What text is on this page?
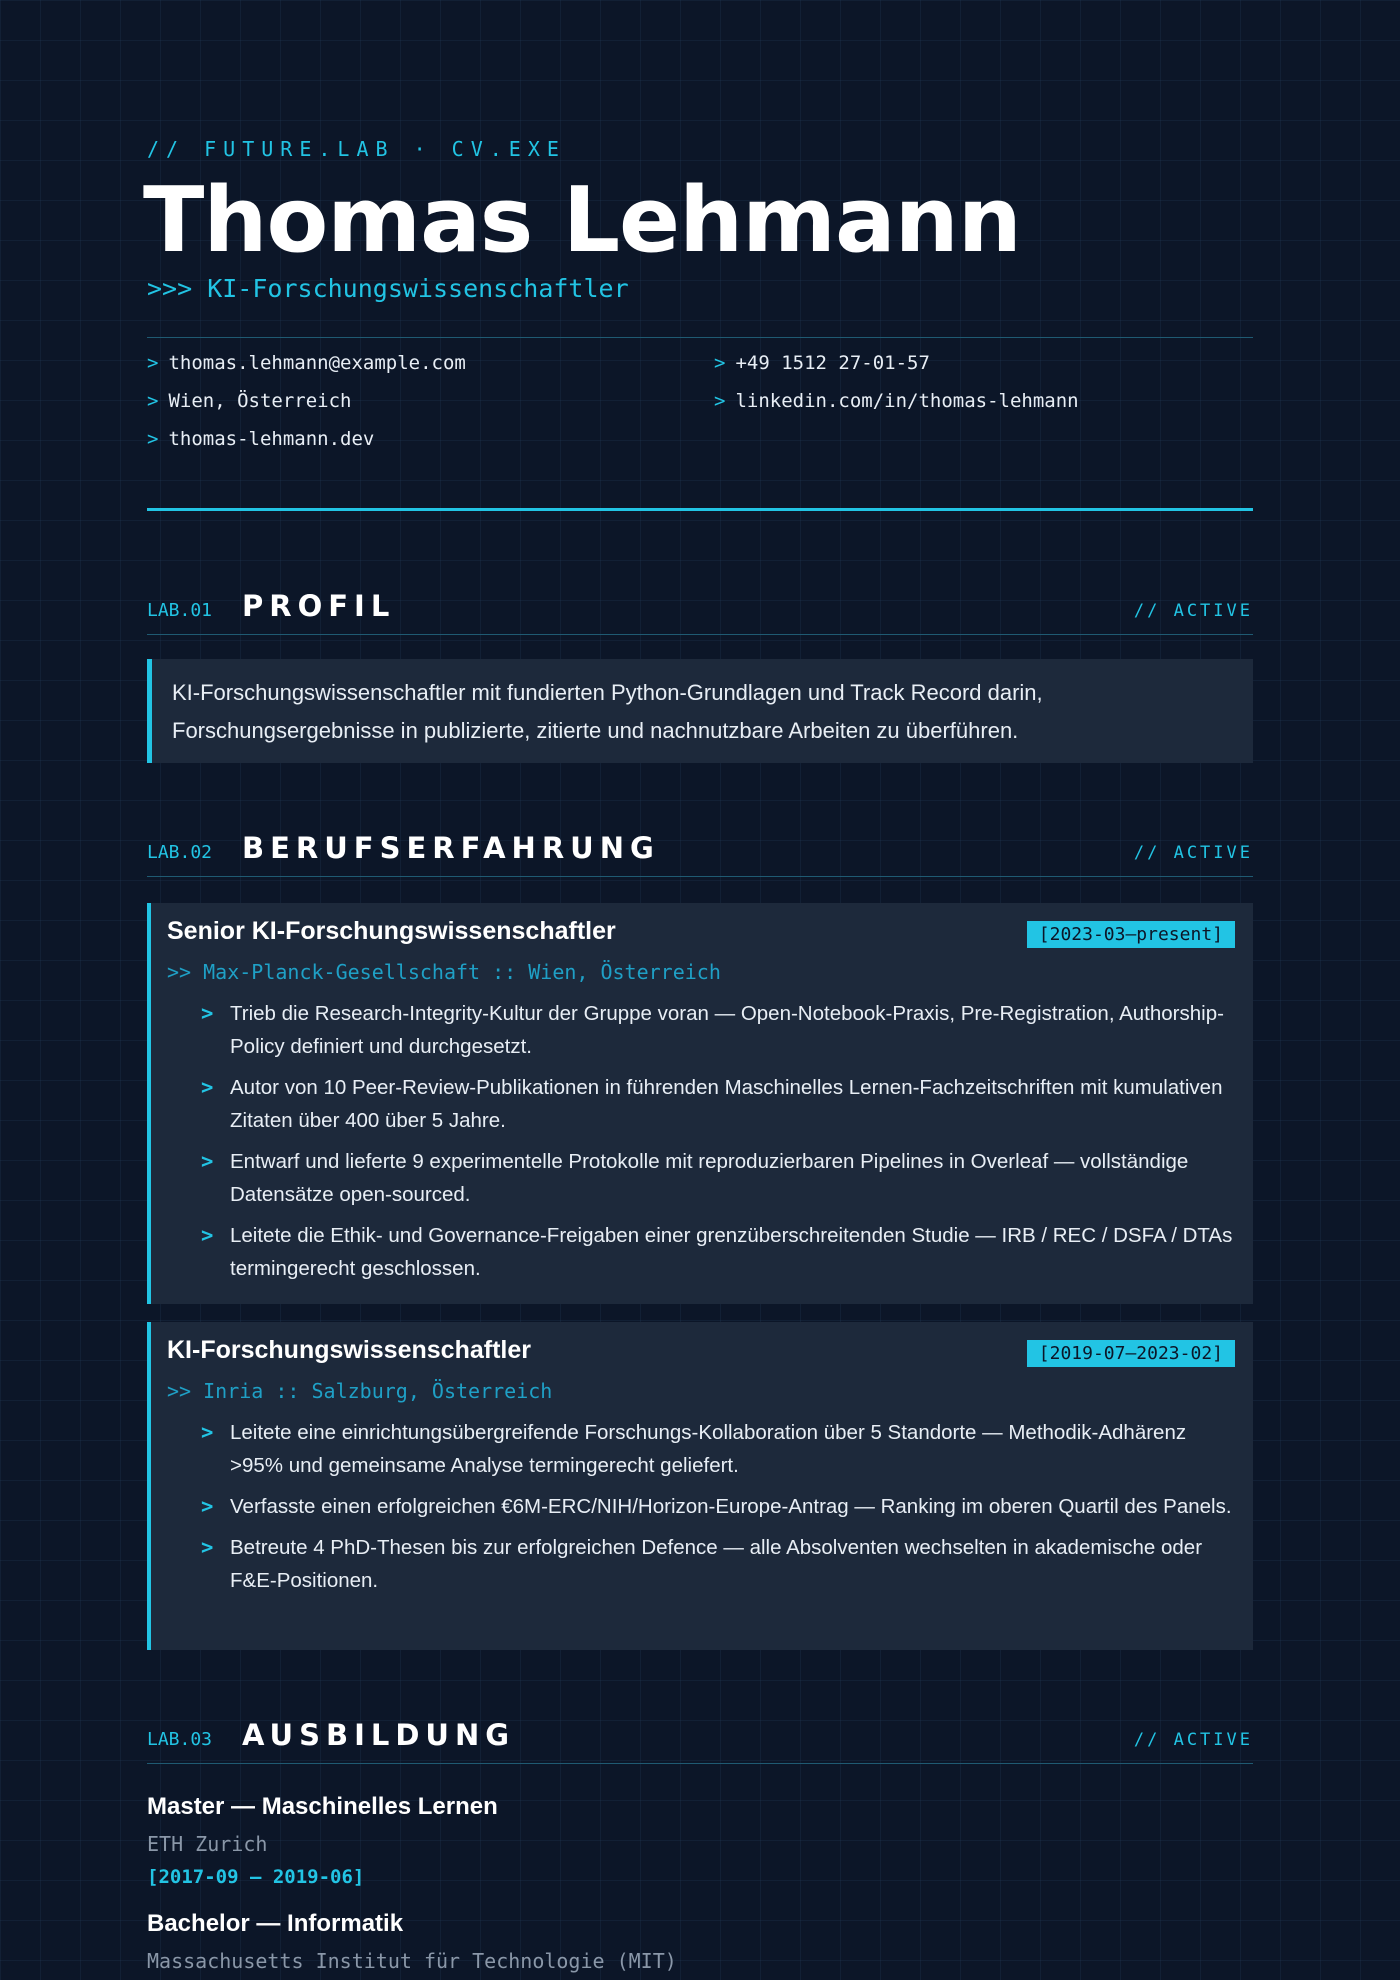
// FUTURE.LAB · CV.EXE
Thomas Lehmann
>>> KI-Forschungswissenschaftler
> thomas.lehmann@example.com	> +49 1512 27-01-57
> Wien, Österreich	> linkedin.com/in/thomas-lehmann
> thomas-lehmann.dev
LAB.01 PROFIL	// ACTIVE

KI-Forschungswissenschaftler mit fundierten Python-Grundlagen und Track Record darin, Forschungsergebnisse in publizierte, zitierte und nachnutzbare Arbeiten zu überführen.

LAB.02 BERUFSERFAHRUNG	// ACTIVE
Senior KI-Forschungswissenschaftler	[2023-03—present]
>> Max-Planck-Gesellschaft :: Wien, Österreich
> Trieb die Research-Integrity-Kultur der Gruppe voran — Open-Notebook-Praxis, Pre-Registration, Authorship-Policy definiert und durchgesetzt.
> Autor von 10 Peer-Review-Publikationen in führenden Maschinelles Lernen-Fachzeitschriften mit kumulativen Zitaten über 400 über 5 Jahre.
> Entwarf und lieferte 9 experimentelle Protokolle mit reproduzierbaren Pipelines in Overleaf — vollständige Datensätze open-sourced.
> Leitete die Ethik- und Governance-Freigaben einer grenzüberschreitenden Studie — IRB / REC / DSFA / DTAs termingerecht geschlossen.
KI-Forschungswissenschaftler	[2019-07—2023-02]
>> Inria :: Salzburg, Österreich
> Leitete eine einrichtungsübergreifende Forschungs-Kollaboration über 5 Standorte — Methodik-Adhärenz >95% und gemeinsame Analyse termingerecht geliefert.
> Verfasste einen erfolgreichen €6M-ERC/NIH/Horizon-Europe-Antrag — Ranking im oberen Quartil des Panels.
> Betreute 4 PhD-Thesen bis zur erfolgreichen Defence — alle Absolventen wechselten in akademische oder F&E-Positionen.
LAB.03 AUSBILDUNG	// ACTIVE
Master — Maschinelles Lernen
ETH Zurich
[2017-09 – 2019-06]
Bachelor — Informatik
Massachusetts Institut für Technologie (MIT)
